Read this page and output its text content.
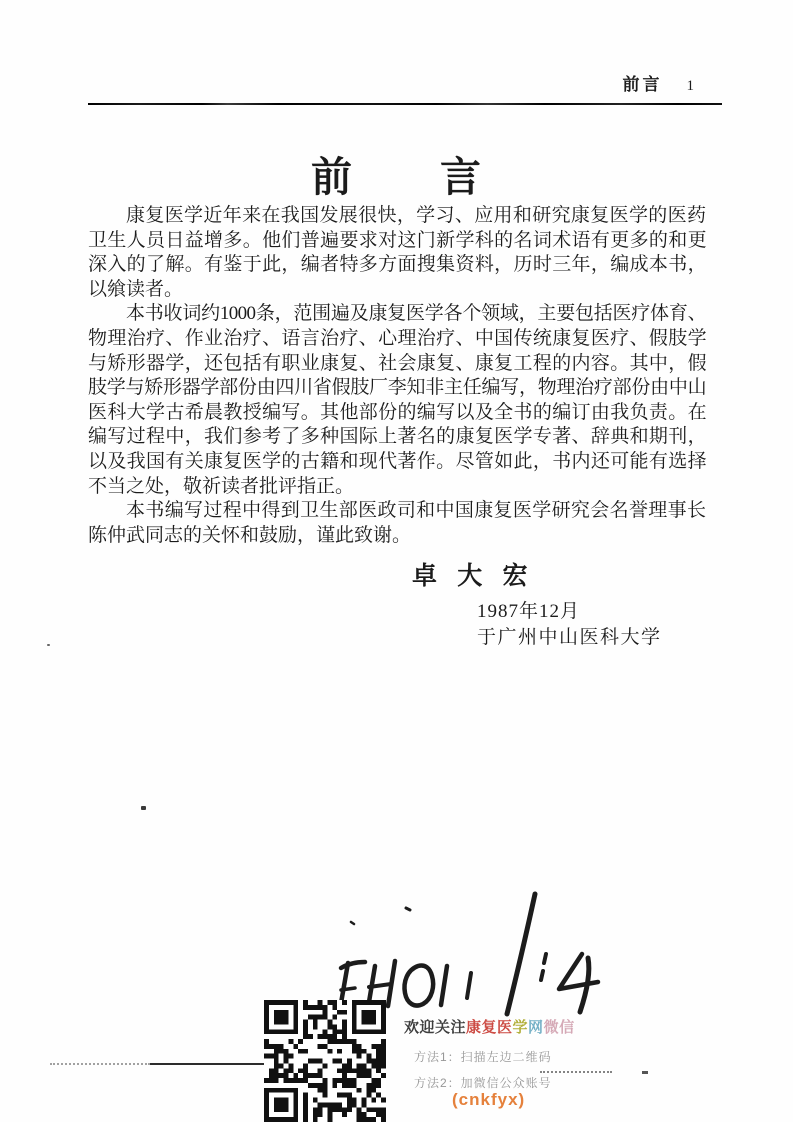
前言 1
前　　言
康复医学近年来在我国发展很快，学习、应用和研究康复医学的医药
卫生人员日益增多。他们普遍要求对这门新学科的名词术语有更多的和更
深入的了解。有鉴于此，编者特多方面搜集资料，历时三年，编成本书，
以飨读者。
本书收词约1000条，范围遍及康复医学各个领域，主要包括医疗体育、
物理治疗、作业治疗、语言治疗、心理治疗、中国传统康复医疗、假肢学
与矫形器学，还包括有职业康复、社会康复、康复工程的内容。其中，假
肢学与矫形器学部份由四川省假肢厂李知非主任编写，物理治疗部份由中山
医科大学古希晨教授编写。其他部份的编写以及全书的编订由我负责。在
编写过程中，我们参考了多种国际上著名的康复医学专著、辞典和期刊，
以及我国有关康复医学的古籍和现代著作。尽管如此，书内还可能有选择
不当之处，敬祈读者批评指正。
本书编写过程中得到卫生部医政司和中国康复医学研究会名誉理事长
陈仲武同志的关怀和鼓励，谨此致谢。
卓 大 宏
1987年12月
于广州中山医科大学
欢迎关注康复医学网微信
方法1：扫描左边二维码
方法2：加微信公众账号
(cnkfyx)
